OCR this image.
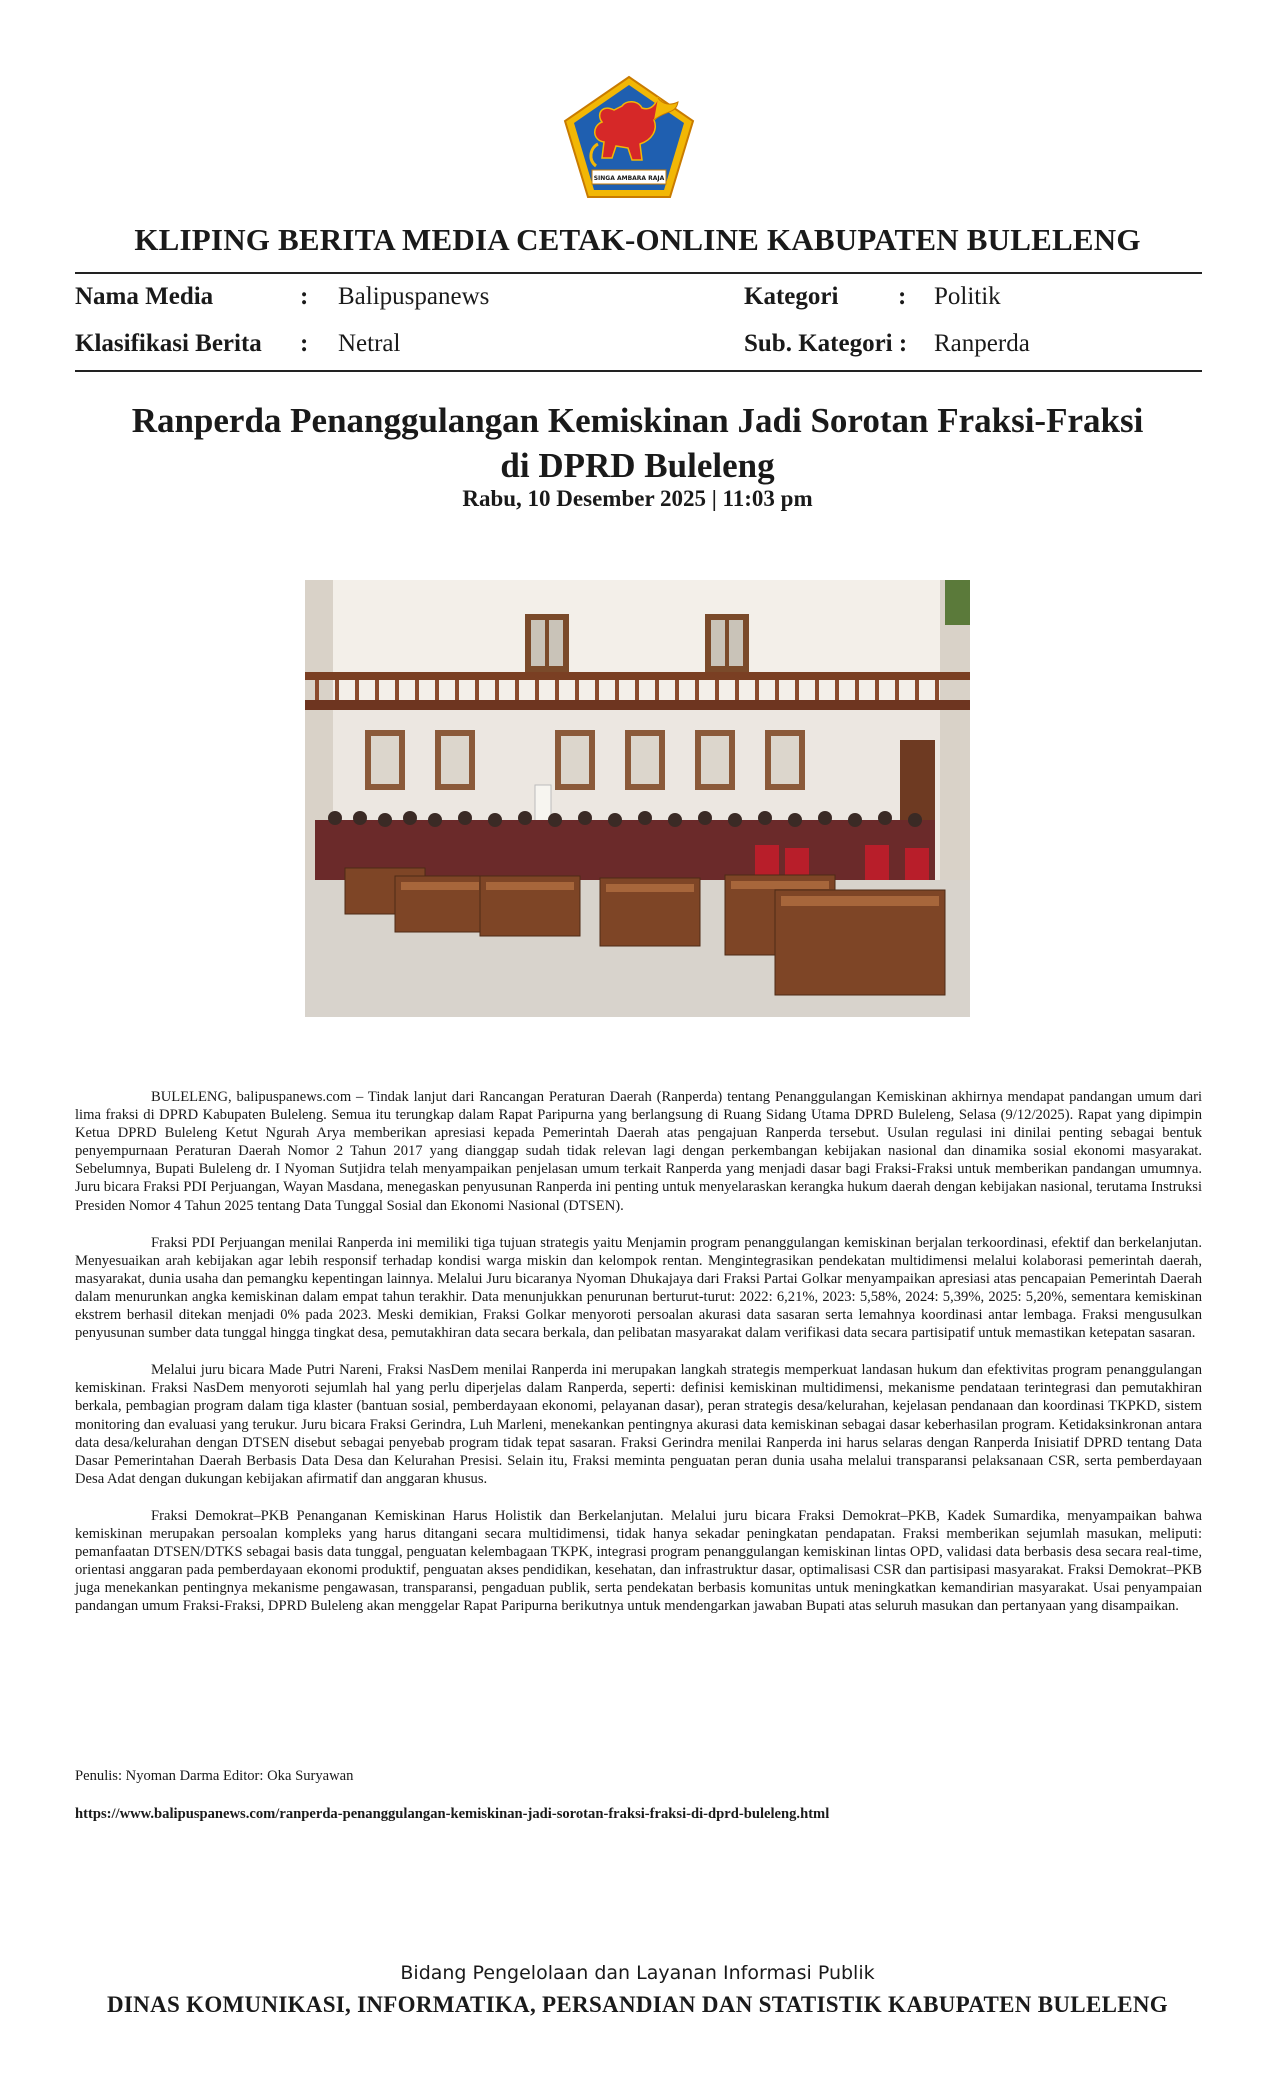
SINGA AMBARA RAJA
KLIPING BERITA MEDIA CETAK-ONLINE KABUPATEN BULELENG
Nama Media	: Balipuspanews
Klasifikasi Berita : Netral
Kategori : Politik
Sub. Kategori : Ranperda
Ranperda Penanggulangan Kemiskinan Jadi Sorotan Fraksi-Fraksi
di DPRD Buleleng
Rabu, 10 Desember 2025 | 11:03 pm

BULELENG, balipuspanews.com – Tindak lanjut dari Rancangan Peraturan Daerah (Ranperda) tentang Penanggulangan Kemiskinan akhirnya mendapat pandangan umum dari lima fraksi di DPRD Kabupaten Buleleng. Semua itu terungkap dalam Rapat Paripurna yang berlangsung di Ruang Sidang Utama DPRD Buleleng, Selasa (9/12/2025). Rapat yang dipimpin Ketua DPRD Buleleng Ketut Ngurah Arya memberikan apresiasi kepada Pemerintah Daerah atas pengajuan Ranperda tersebut. Usulan regulasi ini dinilai penting sebagai bentuk penyempurnaan Peraturan Daerah Nomor 2 Tahun 2017 yang dianggap sudah tidak relevan lagi dengan perkembangan kebijakan nasional dan dinamika sosial ekonomi masyarakat. Sebelumnya, Bupati Buleleng dr. I Nyoman Sutjidra telah menyampaikan penjelasan umum terkait Ranperda yang menjadi dasar bagi Fraksi-Fraksi untuk memberikan pandangan umumnya. Juru bicara Fraksi PDI Perjuangan, Wayan Masdana, menegaskan penyusunan Ranperda ini penting untuk menyelaraskan kerangka hukum daerah dengan kebijakan nasional, terutama Instruksi Presiden Nomor 4 Tahun 2025 tentang Data Tunggal Sosial dan Ekonomi Nasional (DTSEN).

Fraksi PDI Perjuangan menilai Ranperda ini memiliki tiga tujuan strategis yaitu Menjamin program penanggulangan kemiskinan berjalan terkoordinasi, efektif dan berkelanjutan. Menyesuaikan arah kebijakan agar lebih responsif terhadap kondisi warga miskin dan kelompok rentan. Mengintegrasikan pendekatan multidimensi melalui kolaborasi pemerintah daerah, masyarakat, dunia usaha dan pemangku kepentingan lainnya. Melalui Juru bicaranya Nyoman Dhukajaya dari Fraksi Partai Golkar menyampaikan apresiasi atas pencapaian Pemerintah Daerah dalam menurunkan angka kemiskinan dalam empat tahun terakhir. Data menunjukkan penurunan berturut-turut: 2022: 6,21%, 2023: 5,58%, 2024: 5,39%, 2025: 5,20%, sementara kemiskinan ekstrem berhasil ditekan menjadi 0% pada 2023. Meski demikian, Fraksi Golkar menyoroti persoalan akurasi data sasaran serta lemahnya koordinasi antar lembaga. Fraksi mengusulkan penyusunan sumber data tunggal hingga tingkat desa, pemutakhiran data secara berkala, dan pelibatan masyarakat dalam verifikasi data secara partisipatif untuk memastikan ketepatan sasaran.

Melalui juru bicara Made Putri Nareni, Fraksi NasDem menilai Ranperda ini merupakan langkah strategis memperkuat landasan hukum dan efektivitas program penanggulangan kemiskinan. Fraksi NasDem menyoroti sejumlah hal yang perlu diperjelas dalam Ranperda, seperti: definisi kemiskinan multidimensi, mekanisme pendataan terintegrasi dan pemutakhiran berkala, pembagian program dalam tiga klaster (bantuan sosial, pemberdayaan ekonomi, pelayanan dasar), peran strategis desa/kelurahan, kejelasan pendanaan dan koordinasi TKPKD, sistem monitoring dan evaluasi yang terukur. Juru bicara Fraksi Gerindra, Luh Marleni, menekankan pentingnya akurasi data kemiskinan sebagai dasar keberhasilan program. Ketidaksinkronan antara data desa/kelurahan dengan DTSEN disebut sebagai penyebab program tidak tepat sasaran. Fraksi Gerindra menilai Ranperda ini harus selaras dengan Ranperda Inisiatif DPRD tentang Data Dasar Pemerintahan Daerah Berbasis Data Desa dan Kelurahan Presisi. Selain itu, Fraksi meminta penguatan peran dunia usaha melalui transparansi pelaksanaan CSR, serta pemberdayaan Desa Adat dengan dukungan kebijakan afirmatif dan anggaran khusus.

Fraksi Demokrat–PKB Penanganan Kemiskinan Harus Holistik dan Berkelanjutan. Melalui juru bicara Fraksi Demokrat–PKB, Kadek Sumardika, menyampaikan bahwa kemiskinan merupakan persoalan kompleks yang harus ditangani secara multidimensi, tidak hanya sekadar peningkatan pendapatan. Fraksi memberikan sejumlah masukan, meliputi: pemanfaatan DTSEN/DTKS sebagai basis data tunggal, penguatan kelembagaan TKPK, integrasi program penanggulangan kemiskinan lintas OPD, validasi data berbasis desa secara real-time, orientasi anggaran pada pemberdayaan ekonomi produktif, penguatan akses pendidikan, kesehatan, dan infrastruktur dasar, optimalisasi CSR dan partisipasi masyarakat. Fraksi Demokrat–PKB juga menekankan pentingnya mekanisme pengawasan, transparansi, pengaduan publik, serta pendekatan berbasis komunitas untuk meningkatkan kemandirian masyarakat. Usai penyampaian pandangan umum Fraksi-Fraksi, DPRD Buleleng akan menggelar Rapat Paripurna berikutnya untuk mendengarkan jawaban Bupati atas seluruh masukan dan pertanyaan yang disampaikan.

Penulis: Nyoman Darma Editor: Oka Suryawan
https://www.balipuspanews.com/ranperda-penanggulangan-kemiskinan-jadi-sorotan-fraksi-fraksi-di-dprd-buleleng.html
Bidang Pengelolaan dan Layanan Informasi Publik
DINAS KOMUNIKASI, INFORMATIKA, PERSANDIAN DAN STATISTIK KABUPATEN BULELENG
